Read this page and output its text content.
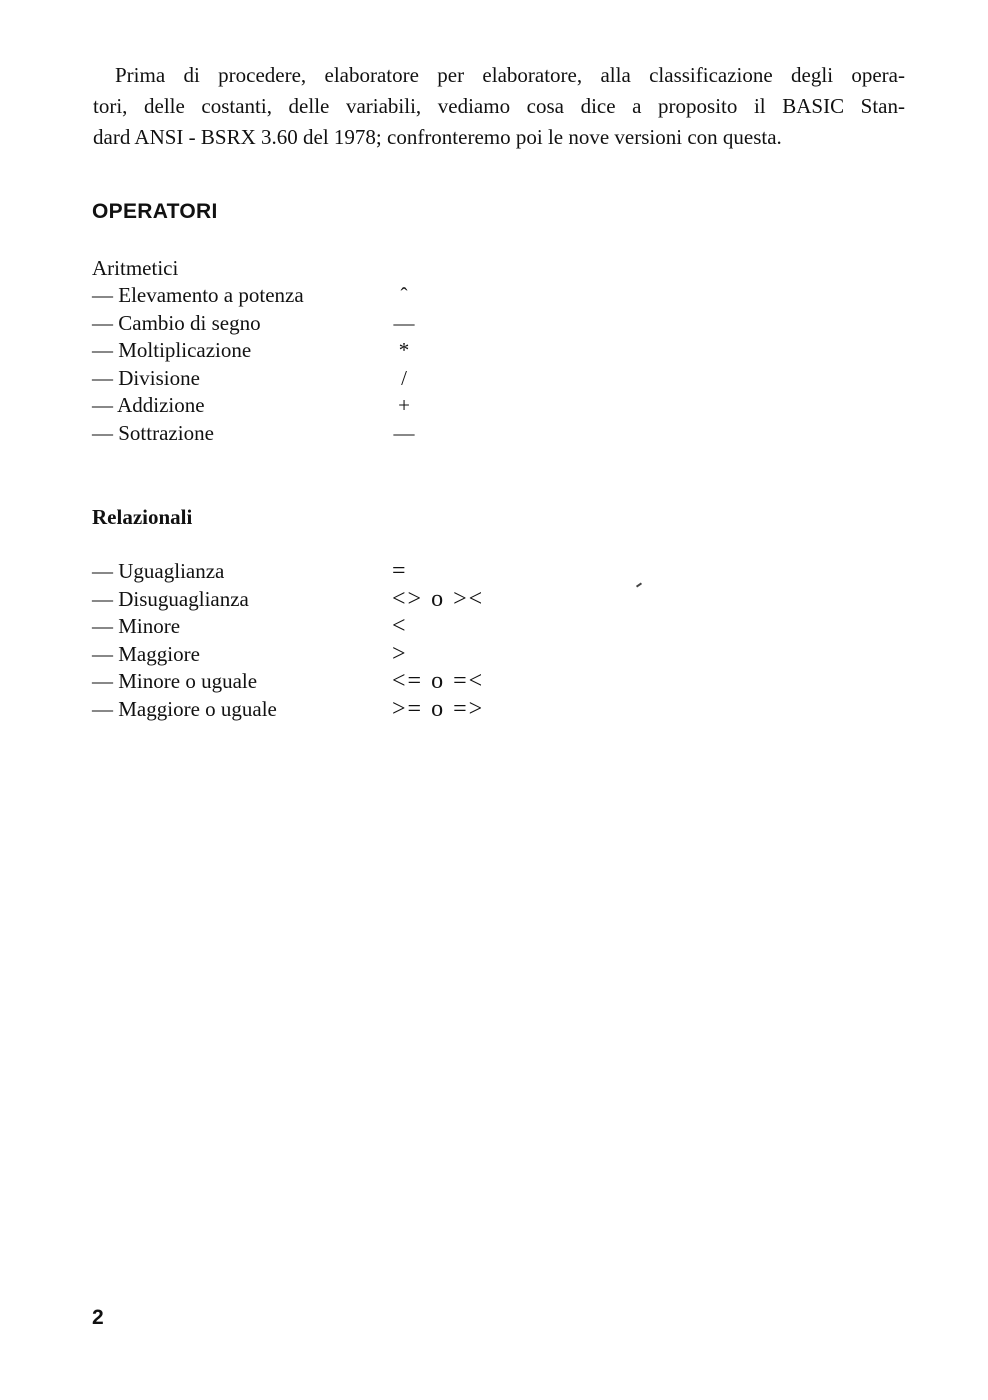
Prima di procedere, elaboratore per elaboratore, alla classificazione degli opera-
tori, delle costanti, delle variabili, vediamo cosa dice a proposito il BASIC Stan-
dard ANSI - BSRX 3.60 del 1978; confronteremo poi le nove versioni con questa.

OPERATORI

Aritmetici

— Elevamento a potenza	ˆ
— Cambio di segno	—
— Moltiplicazione	*
— Divisione	/
— Addizione	+
— Sottrazione	—

Relazionali

— Uguaglianza	=
— Disuguaglianza	<> o ><
— Minore	<
— Maggiore	>
— Minore o uguale	<= o =<
— Maggiore o uguale	>= o =>

2
